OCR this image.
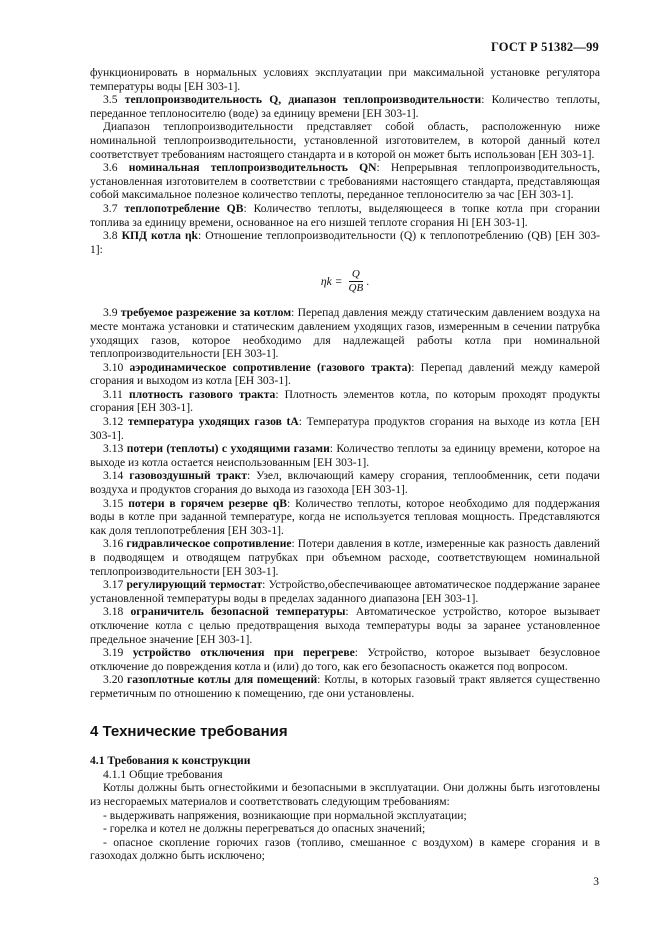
ГОСТ Р 51382—99

функционировать в нормальных условиях эксплуатации при максимальной установке регулятора температуры воды [EH 303-1].

3.5 теплопроизводительность Q, диапазон теплопроизводительности: Количество теплоты, переданное теплоносителю (воде) за единицу времени [EH 303-1].

Диапазон теплопроизводительности представляет собой область, расположенную ниже номинальной теплопроизводительности, установленной изготовителем, в которой данный котел соответствует требованиям настоящего стандарта и в которой он может быть использован [EH 303-1].

3.6 номинальная теплопроизводительность QN: Непрерывная теплопроизводительность, установленная изготовителем в соответствии с требованиями настоящего стандарта, представляющая собой максимальное полезное количество теплоты, переданное теплоносителю за час [EH 303-1].

3.7 теплопотребление QB: Количество теплоты, выделяющееся в топке котла при сгорании топлива за единицу времени, основанное на его низшей теплоте сгорания Hi [EH 303-1].

3.8 КПД котла ηk: Отношение теплопроизводительности (Q) к теплопотреблению (QB) [EH 303-1]:

$\eta k = \frac{Q}{QB}$ .

3.9 требуемое разрежение за котлом: Перепад давления между статическим давлением воздуха на месте монтажа установки и статическим давлением уходящих газов, измеренным в сечении патрубка уходящих газов, которое необходимо для надлежащей работы котла при номинальной теплопроизводительности [EH 303-1].

3.10 аэродинамическое сопротивление (газового тракта): Перепад давлений между камерой сгорания и выходом из котла [EH 303-1].

3.11 плотность газового тракта: Плотность элементов котла, по которым проходят продукты сгорания [EH 303-1].

3.12 температура уходящих газов tA: Температура продуктов сгорания на выходе из котла [EH 303-1].

3.13 потери (теплоты) с уходящими газами: Количество теплоты за единицу времени, которое на выходе из котла остается неиспользованным [EH 303-1].

3.14 газовоздушный тракт: Узел, включающий камеру сгорания, теплообменник, сети подачи воздуха и продуктов сгорания до выхода из газохода [EH 303-1].

3.15 потери в горячем резерве qB: Количество теплоты, которое необходимо для поддержания воды в котле при заданной температуре, когда не используется тепловая мощность. Представляются как доля теплопотребления [EH 303-1].

3.16 гидравлическое сопротивление: Потери давления в котле, измеренные как разность давлений в подводящем и отводящем патрубках при объемном расходе, соответствующем номинальной теплопроизводительности [EH 303-1].

3.17 регулирующий термостат: Устройство,обеспечивающее автоматическое поддержание заранее установленной температуры воды в пределах заданного диапазона [EH 303-1].

3.18 ограничитель безопасной температуры: Автоматическое устройство, которое вызывает отключение котла с целью предотвращения выхода температуры воды за заранее установленное предельное значение [EH 303-1].

3.19 устройство отключения при перегреве: Устройство, которое вызывает безусловное отключение до повреждения котла и (или) до того, как его безопасность окажется под вопросом.

3.20 газоплотные котлы для помещений: Котлы, в которых газовый тракт является существенно герметичным по отношению к помещению, где они установлены.

4 Технические требования

4.1 Требования к конструкции

4.1.1 Общие требования

Котлы должны быть огнестойкими и безопасными в эксплуатации. Они должны быть изготовлены из несгораемых материалов и соответствовать следующим требованиям:

- выдерживать напряжения, возникающие при нормальной эксплуатации;

- горелка и котел не должны перегреваться до опасных значений;

- опасное скопление горючих газов (топливо, смешанное с воздухом) в камере сгорания и в газоходах должно быть исключено;

3
